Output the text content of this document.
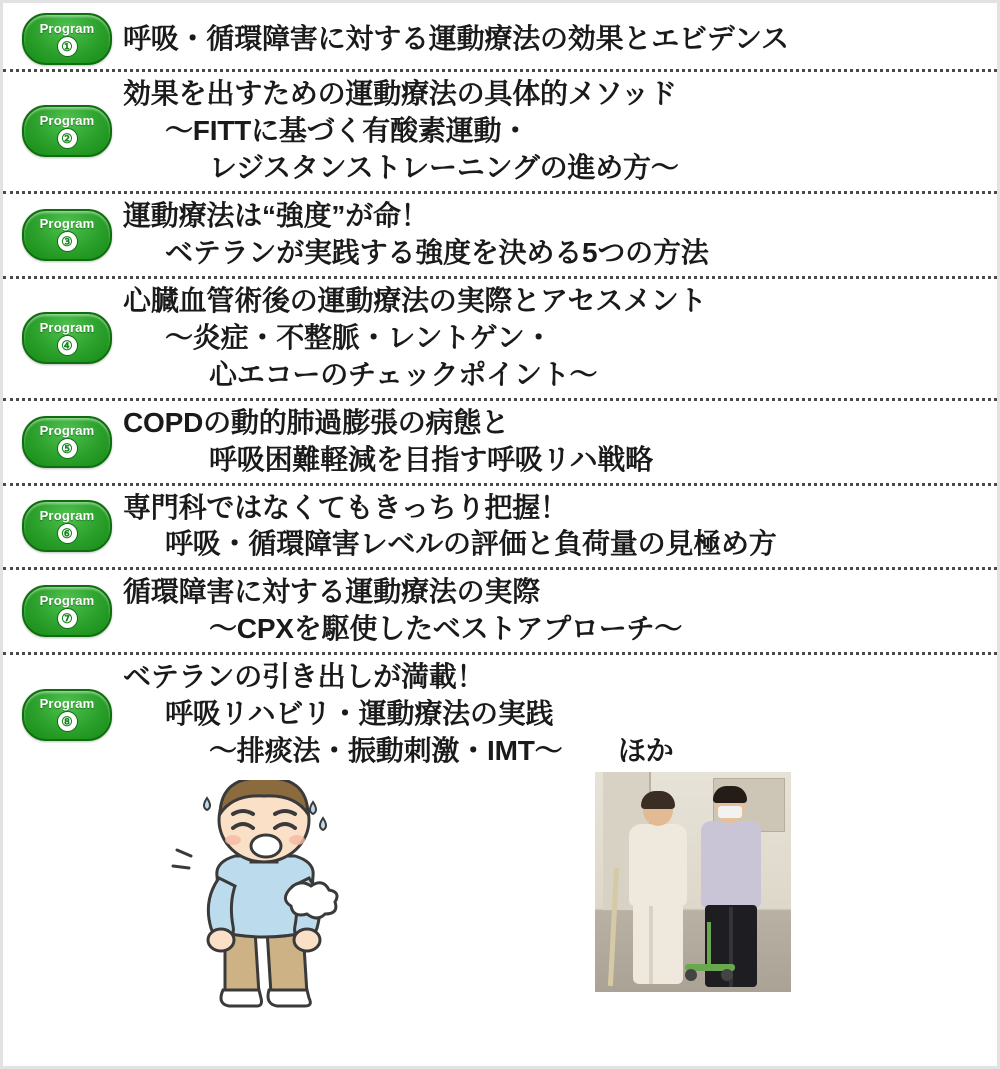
Program
① 呼吸・循環障害に対する運動療法の効果とエビデンス
Program
②
効果を出すための運動療法の具体的メソッド
〜FITTに基づく有酸素運動・
レジスタンストレーニングの進め方〜
Program
③
運動療法は“強度”が命！
ベテランが実践する強度を決める5つの方法
Program
④
心臓血管術後の運動療法の実際とアセスメント
〜炎症・不整脈・レントゲン・
心エコーのチェックポイント〜
Program
⑤
COPDの動的肺過膨張の病態と
呼吸困難軽減を目指す呼吸リハ戦略
Program
⑥
専門科ではなくてもきっちり把握！
呼吸・循環障害レベルの評価と負荷量の見極め方
Program
⑦
循環障害に対する運動療法の実際
〜CPXを駆使したベストアプローチ〜
Program
⑧
ベテランの引き出しが満載！
呼吸リハビリ・運動療法の実践
〜排痰法・振動刺激・IMT〜　　ほか
